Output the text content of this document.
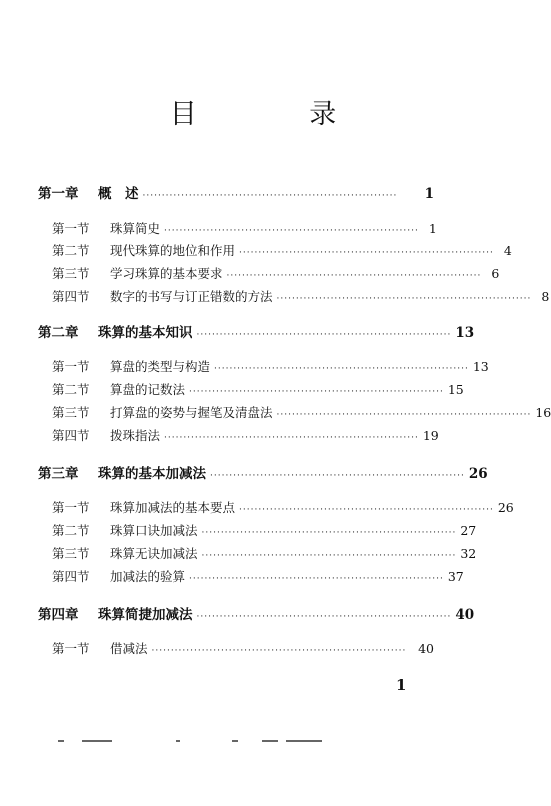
目 录
第一章	概　述 ··································································	1
第一节	珠算简史 ·································································· 1
第二节	现代珠算的地位和作用 ·································································· 4
第三节	学习珠算的基本要求 ·································································· 6
第四节	数字的书写与订正错数的方法 ·································································· 8
第二章	珠算的基本知识 ·································································· 13
第一节	算盘的类型与构造 ·································································· 13
第二节	算盘的记数法 ·································································· 15
第三节	打算盘的姿势与握笔及清盘法 ·································································· 16
第四节	拨珠指法 ·································································· 19
第三章	珠算的基本加减法 ·································································· 26
第一节	珠算加减法的基本要点 ·································································· 26
第二节	珠算口诀加减法 ·································································· 27
第三节	珠算无诀加减法 ·································································· 32
第四节	加减法的验算 ·································································· 37
第四章	珠算简捷加减法 ·································································· 40
第一节	借减法 ·································································· 40
1
